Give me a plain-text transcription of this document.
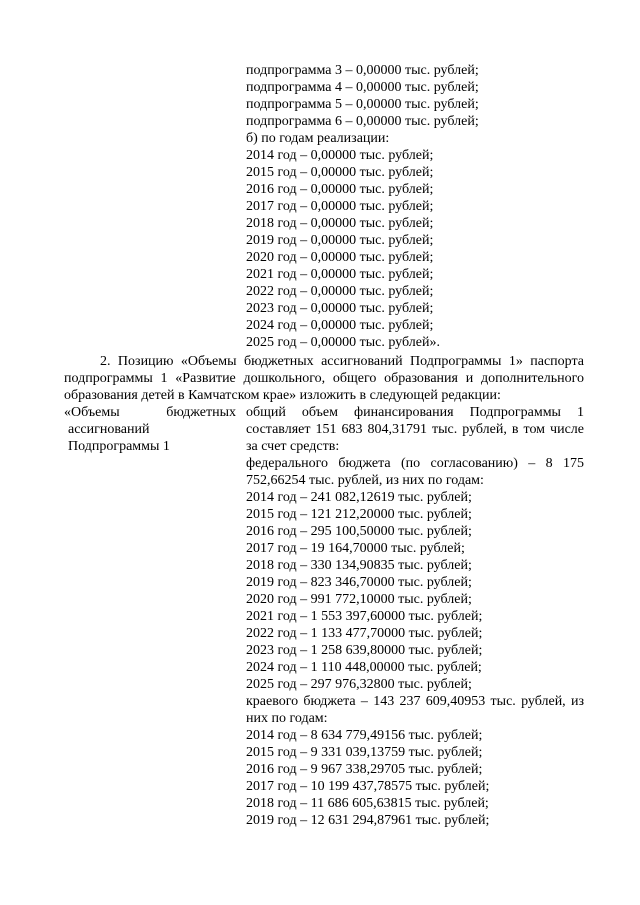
подпрограмма 3 – 0,00000 тыс. рублей;
подпрограмма 4 – 0,00000 тыс. рублей;
подпрограмма 5 – 0,00000 тыс. рублей;
подпрограмма 6 – 0,00000 тыс. рублей;
б) по годам реализации:
2014 год – 0,00000 тыс. рублей;
2015 год – 0,00000 тыс. рублей;
2016 год – 0,00000 тыс. рублей;
2017 год – 0,00000 тыс. рублей;
2018 год – 0,00000 тыс. рублей;
2019 год – 0,00000 тыс. рублей;
2020 год – 0,00000 тыс. рублей;
2021 год – 0,00000 тыс. рублей;
2022 год – 0,00000 тыс. рублей;
2023 год – 0,00000 тыс. рублей;
2024 год – 0,00000 тыс. рублей;
2025 год – 0,00000 тыс. рублей».
2. Позицию «Объемы бюджетных ассигнований Подпрограммы 1» паспорта подпрограммы 1 «Развитие дошкольного, общего образования и дополнительного образования детей в Камчатском крае» изложить в следующей редакции:
«Объемы бюджетных
ассигнований
Подпрограммы 1
общий объем финансирования Подпрограммы 1 составляет 151 683 804,31791 тыс. рублей, в том числе за счет средств:
федерального бюджета (по согласованию) – 8 175 752,66254 тыс. рублей, из них по годам:
2014 год – 241 082,12619 тыс. рублей;
2015 год – 121 212,20000 тыс. рублей;
2016 год – 295 100,50000 тыс. рублей;
2017 год – 19 164,70000 тыс. рублей;
2018 год – 330 134,90835 тыс. рублей;
2019 год – 823 346,70000 тыс. рублей;
2020 год – 991 772,10000 тыс. рублей;
2021 год – 1 553 397,60000 тыс. рублей;
2022 год – 1 133 477,70000 тыс. рублей;
2023 год – 1 258 639,80000 тыс. рублей;
2024 год – 1 110 448,00000 тыс. рублей;
2025 год – 297 976,32800 тыс. рублей;
краевого бюджета – 143 237 609,40953 тыс. рублей, из них по годам:
2014 год – 8 634 779,49156 тыс. рублей;
2015 год – 9 331 039,13759 тыс. рублей;
2016 год – 9 967 338,29705 тыс. рублей;
2017 год – 10 199 437,78575 тыс. рублей;
2018 год – 11 686 605,63815 тыс. рублей;
2019 год – 12 631 294,87961 тыс. рублей;
